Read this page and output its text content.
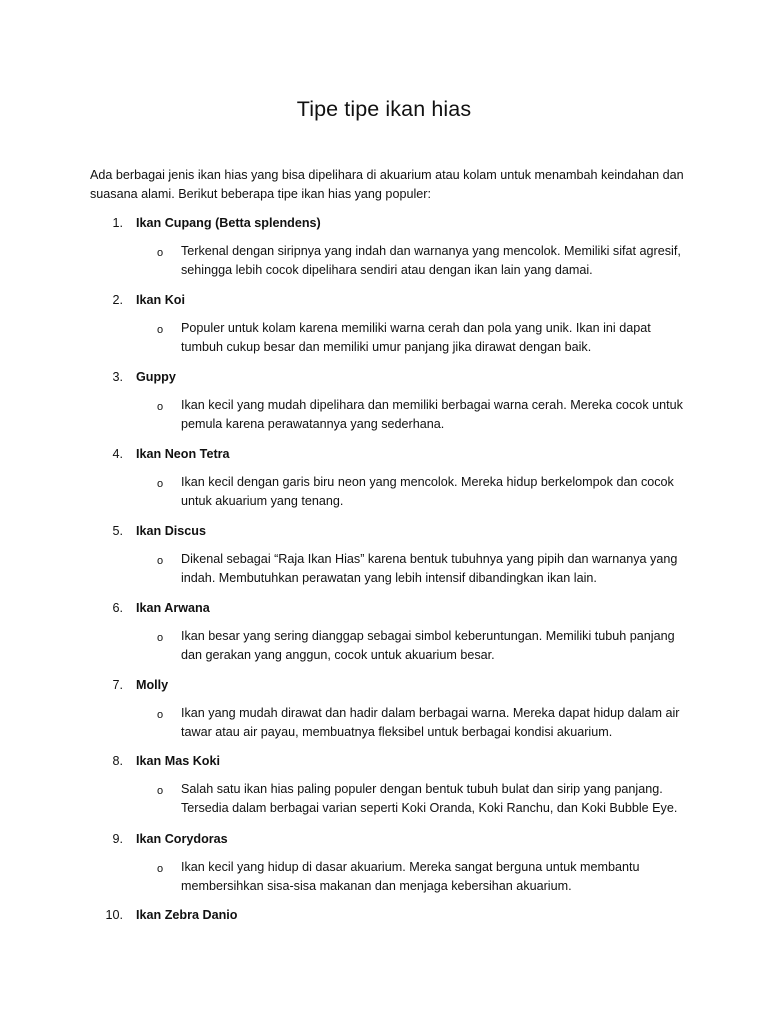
Tipe tipe ikan hias

Ada berbagai jenis ikan hias yang bisa dipelihara di akuarium atau kolam untuk menambah keindahan dan suasana alami. Berikut beberapa tipe ikan hias yang populer:

1. Ikan Cupang (Betta splendens)
o Terkenal dengan siripnya yang indah dan warnanya yang mencolok. Memiliki sifat agresif, sehingga lebih cocok dipelihara sendiri atau dengan ikan lain yang damai.

2. Ikan Koi
o Populer untuk kolam karena memiliki warna cerah dan pola yang unik. Ikan ini dapat tumbuh cukup besar dan memiliki umur panjang jika dirawat dengan baik.

3. Guppy
o Ikan kecil yang mudah dipelihara dan memiliki berbagai warna cerah. Mereka cocok untuk pemula karena perawatannya yang sederhana.

4. Ikan Neon Tetra
o Ikan kecil dengan garis biru neon yang mencolok. Mereka hidup berkelompok dan cocok untuk akuarium yang tenang.

5. Ikan Discus
o Dikenal sebagai “Raja Ikan Hias” karena bentuk tubuhnya yang pipih dan warnanya yang indah. Membutuhkan perawatan yang lebih intensif dibandingkan ikan lain.

6. Ikan Arwana
o Ikan besar yang sering dianggap sebagai simbol keberuntungan. Memiliki tubuh panjang dan gerakan yang anggun, cocok untuk akuarium besar.

7. Molly
o Ikan yang mudah dirawat dan hadir dalam berbagai warna. Mereka dapat hidup dalam air tawar atau air payau, membuatnya fleksibel untuk berbagai kondisi akuarium.

8. Ikan Mas Koki
o Salah satu ikan hias paling populer dengan bentuk tubuh bulat dan sirip yang panjang. Tersedia dalam berbagai varian seperti Koki Oranda, Koki Ranchu, dan Koki Bubble Eye.

9. Ikan Corydoras
o Ikan kecil yang hidup di dasar akuarium. Mereka sangat berguna untuk membantu membersihkan sisa-sisa makanan dan menjaga kebersihan akuarium.

10. Ikan Zebra Danio
